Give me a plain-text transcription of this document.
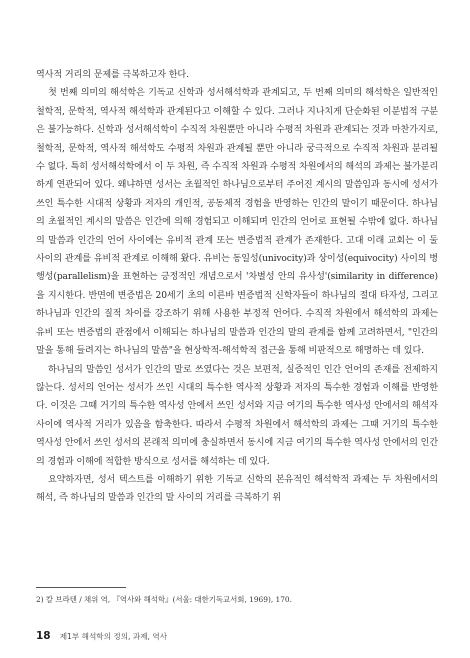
역사적 거리의 문제를 극복하고자 한다.

첫 번째 의미의 해석학은 기독교 신학과 성서해석학과 관계되고, 두 번째 의미의 해석학은 일반적인 철학적, 문학적, 역사적 해석학과 관계된다고 이해할 수 있다. 그러나 지나치게 단순화된 이분법적 구분은 불가능하다. 신학과 성서해석학이 수직적 차원뿐만 아니라 수평적 차원과 관계되는 것과 마찬가지로, 철학적, 문학적, 역사적 해석학도 수평적 차원과 관계될 뿐만 아니라 궁극적으로 수직적 차원과 분리될 수 없다. 특히 성서해석학에서 이 두 차원, 즉 수직적 차원과 수평적 차원에서의 해석의 과제는 불가분리하게 연관되어 있다. 왜냐하면 성서는 초월적인 하나님으로부터 주어진 계시의 말씀임과 동시에 성서가 쓰인 특수한 시대적 상황과 저자의 개인적, 공동체적 경험을 반영하는 인간의 말이기 때문이다. 하나님의 초월적인 계시의 말씀은 인간에 의해 경험되고 이해되며 인간의 언어로 표현될 수밖에 없다. 하나님의 말씀과 인간의 언어 사이에는 유비적 관계 또는 변증법적 관계가 존재한다. 고대 이래 교회는 이 둘 사이의 관계를 유비적 관계로 이해해 왔다. 유비는 동일성(univocity)과 상이성(equivocity) 사이의 병행성(parallelism)을 표현하는 긍정적인 개념으로서 '차별성 안의 유사성'(similarity in difference)을 지시한다. 반면에 변증법은 20세기 초의 이른바 변증법적 신학자들이 하나님의 절대 타자성, 그리고 하나님과 인간의 질적 차이를 강조하기 위해 사용한 부정적 언어다. 수직적 차원에서 해석학의 과제는 유비 또는 변증법의 관점에서 이해되는 하나님의 말씀과 인간의 말의 관계를 함께 고려하면서, "인간의 말을 통해 들려지는 하나님의 말씀"을 현상학적-해석학적 접근을 통해 비판적으로 해명하는 데 있다.

하나님의 말씀인 성서가 인간의 말로 쓰였다는 것은 보편적, 실증적인 인간 언어의 존재를 전제하지 않는다. 성서의 언어는 성서가 쓰인 시대의 특수한 역사적 상황과 저자의 특수한 경험과 이해를 반영한다. 이것은 그때 거기의 특수한 역사성 안에서 쓰인 성서와 지금 여기의 특수한 역사성 안에서의 해석자 사이에 역사적 거리가 있음을 함축한다. 따라서 수평적 차원에서 해석학의 과제는 그때 거기의 특수한 역사성 안에서 쓰인 성서의 본래적 의미에 충실하면서 동시에 지금 여기의 특수한 역사성 안에서의 인간의 경험과 이해에 적합한 방식으로 성서를 해석하는 데 있다.

요약하자면, 성서 텍스트를 이해하기 위한 기독교 신학의 본유적인 해석학적 과제는 두 차원에서의 해석, 즉 하나님의 말씀과 인간의 말 사이의 거리를 극복하기 위

2) 칼 브라텐 / 채위 역, 『역사와 해석학』(서울: 대한기독교서회, 1969), 170.
18 제1부 해석학의 정의, 과제, 역사
